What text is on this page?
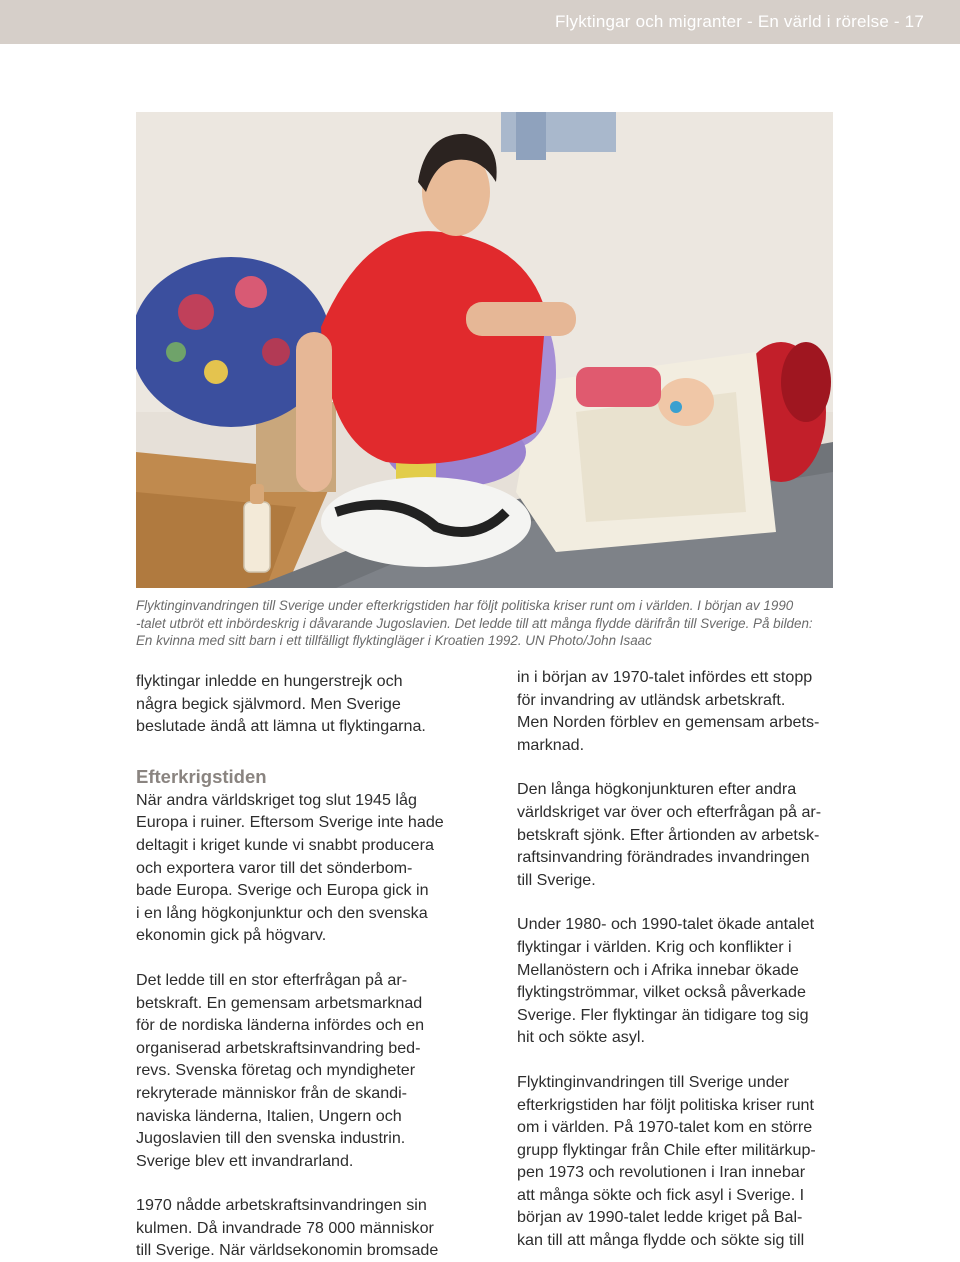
Flyktingar och migranter - En värld i rörelse - 17

Flyktinginvandringen till Sverige under efterkrigstiden har följt politiska kriser runt om i världen. I början av 1990

-talet utbröt ett inbördeskrig i dåvarande Jugoslavien. Det ledde till att många flydde därifrån till Sverige. På bilden:

En kvinna med sitt barn i ett tillfälligt flyktingläger i Kroatien 1992. UN Photo/John Isaac

flyktingar inledde en hungerstrejk och
några begick självmord. Men Sverige
beslutade ändå att lämna ut flyktingarna.
Efterkrigstiden
När andra världskriget tog slut 1945 låg
Europa i ruiner. Eftersom Sverige inte hade
deltagit i kriget kunde vi snabbt producera
och exportera varor till det sönderbom-
bade Europa. Sverige och Europa gick in
i en lång högkonjunktur och den svenska
ekonomin gick på högvarv.
Det ledde till en stor efterfrågan på ar-
betskraft. En gemensam arbetsmarknad
för de nordiska länderna infördes och en
organiserad arbetskraftsinvandring bed-
revs. Svenska företag och myndigheter
rekryterade människor från de skandi-
naviska länderna, Italien, Ungern och
Jugoslavien till den svenska industrin.
Sverige blev ett invandrarland.
1970 nådde arbetskraftsinvandringen sin
kulmen. Då invandrade 78 000 människor
till Sverige. När världsekonomin bromsade
in i början av 1970-talet infördes ett stopp
för invandring av utländsk arbetskraft.
Men Norden förblev en gemensam arbets-
marknad.
Den långa högkonjunkturen efter andra
världskriget var över och efterfrågan på ar-
betskraft sjönk. Efter årtionden av arbetsk-
raftsinvandring förändrades invandringen
till Sverige.
Under 1980- och 1990-talet ökade antalet
flyktingar i världen. Krig och konflikter i
Mellanöstern och i Afrika innebar ökade
flyktingströmmar, vilket också påverkade
Sverige. Fler flyktingar än tidigare tog sig
hit och sökte asyl.
Flyktinginvandringen till Sverige under
efterkrigstiden har följt politiska kriser runt
om i världen. På 1970-talet kom en större
grupp flyktingar från Chile efter militärkup-
pen 1973 och revolutionen i Iran innebar
att många sökte och fick asyl i Sverige. I
början av 1990-talet ledde kriget på Bal-
kan till att många flydde och sökte sig till
